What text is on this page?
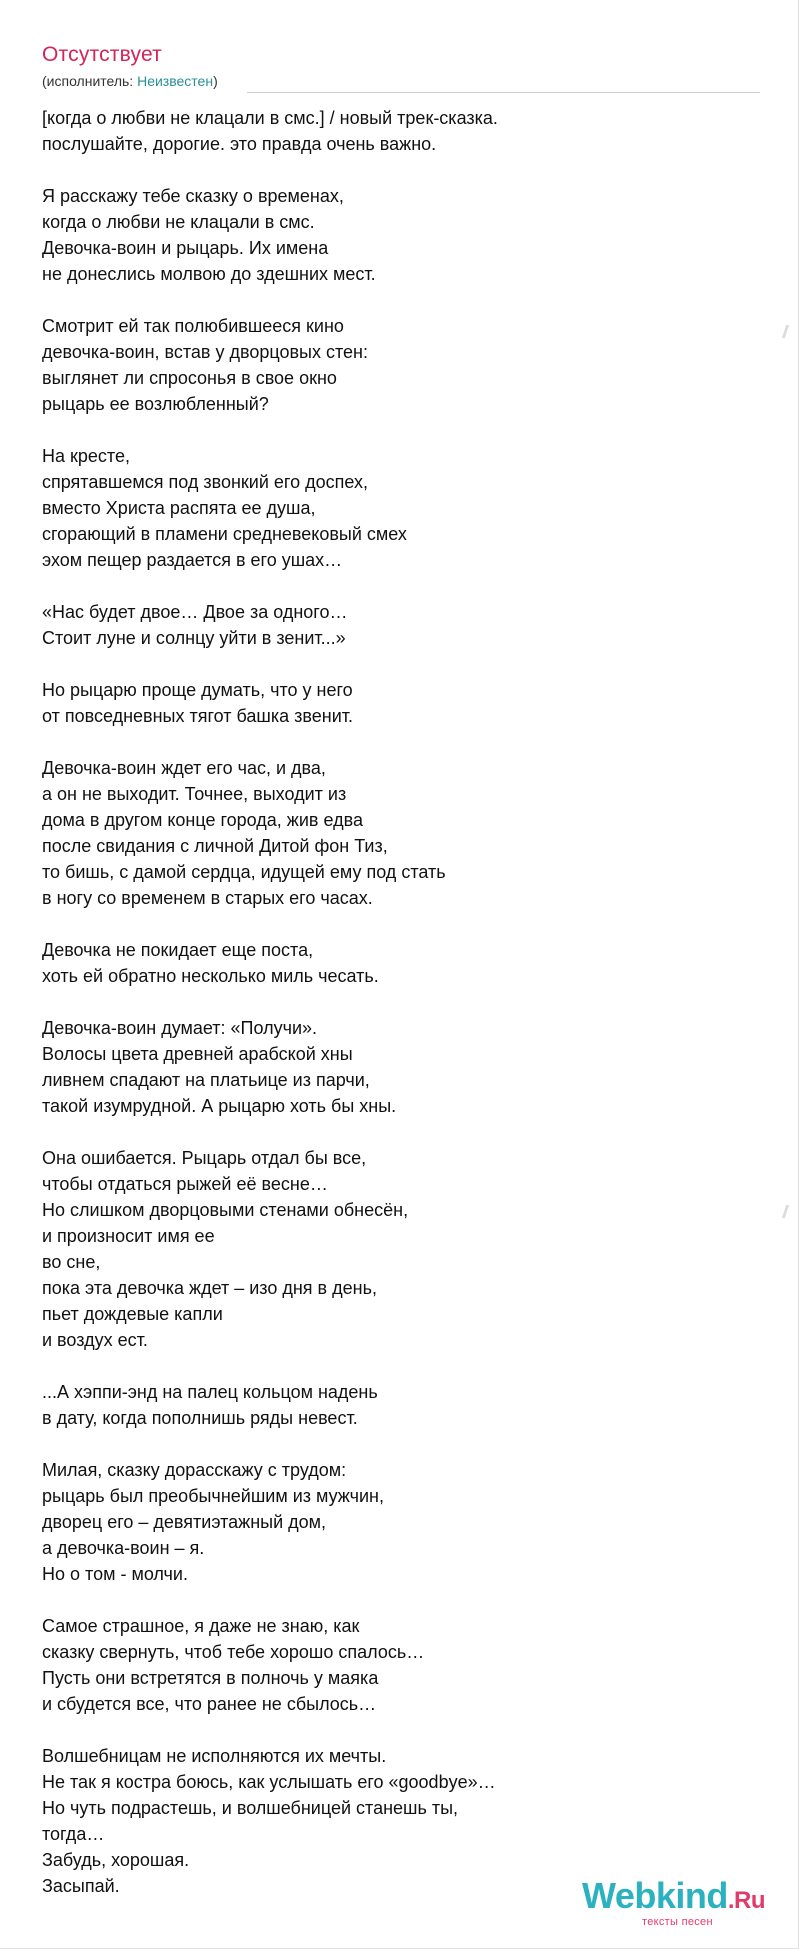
Отсутствует
(исполнитель: Неизвестен)
[когда о любви не клацали в смс.] / новый трек-сказка.
послушайте, дорогие. это правда очень важно.
Я расскажу тебе сказку о временах,
когда о любви не клацали в смс.
Девочка-воин и рыцарь. Их имена
не донеслись молвою до здешних мест.
Смотрит ей так полюбившееся кино
девочка-воин, встав у дворцовых стен:
выглянет ли спросонья в свое окно
рыцарь ее возлюбленный?
На кресте,
спрятавшемся под звонкий его доспех,
вместо Христа распята ее душа,
сгорающий в пламени средневековый смех
эхом пещер раздается в его ушах…
«Нас будет двое… Двое за одного…
Стоит луне и солнцу уйти в зенит...»
Но рыцарю проще думать, что у него
от повседневных тягот башка звенит.
Девочка-воин ждет его час, и два,
а он не выходит. Точнее, выходит из
дома в другом конце города, жив едва
после свидания с личной Дитой фон Тиз,
то бишь, с дамой сердца, идущей ему под стать
в ногу со временем в старых его часах.
Девочка не покидает еще поста,
хоть ей обратно несколько миль чесать.
Девочка-воин думает: «Получи».
Волосы цвета древней арабской хны
ливнем спадают на платьице из парчи,
такой изумрудной. А рыцарю хоть бы хны.
Она ошибается. Рыцарь отдал бы все,
чтобы отдаться рыжей её весне…
Но слишком дворцовыми стенами обнесён,
и произносит имя ее
во сне,
пока эта девочка ждет – изо дня в день,
пьет дождевые капли
и воздух ест.
...А хэппи-энд на палец кольцом надень
в дату, когда пополнишь ряды невест.
Милая, сказку дорасскажу с трудом:
рыцарь был преобычнейшим из мужчин,
дворец его – девятиэтажный дом,
а девочка-воин – я.
Но о том - молчи.
Самое страшное, я даже не знаю, как
сказку свернуть, чтоб тебе хорошо спалось…
Пусть они встретятся в полночь у маяка
и сбудется все, что ранее не сбылось…
Волшебницам не исполняются их мечты.
Не так я костра боюсь, как услышать его «goodbye»…
Но чуть подрастешь, и волшебницей станешь ты,
тогда…
Забудь, хорошая.
Засыпай.	Webkind.Ru
тексты песен
